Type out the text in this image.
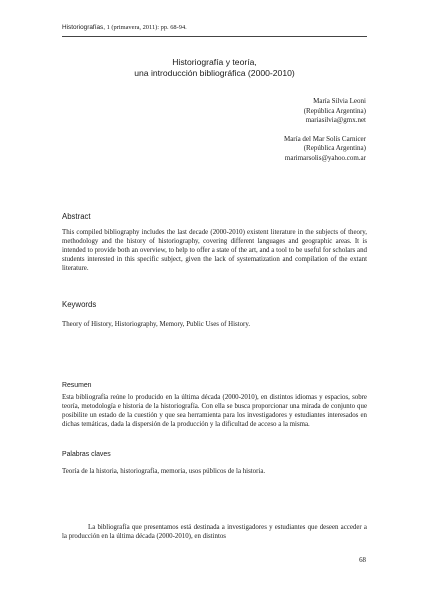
Historiografías, 1 (primavera, 2011): pp. 68-94.
Historiografía y teoría,
una introducción bibliográfica (2000-2010)
María Silvia Leoni
(República Argentina)
mariasilvia@gmx.net
María del Mar Solís Carnicer
(República Argentina)
marimarsolis@yahoo.com.ar
Abstract
This compiled bibliography includes the last decade (2000-2010) existent literature in the subjects of theory, methodology and the history of historiography, covering different languages and geographic areas. It is intended to provide both an overview, to help to offer a state of the art, and a tool to be useful for scholars and students interested in this specific subject, given the lack of systematization and compilation of the extant literature.
Keywords
Theory of History, Historiography, Memory, Public Uses of History.
Resumen
Esta bibliografía reúne lo producido en la última década (2000-2010), en distintos idiomas y espacios, sobre teoría, metodología e historia de la historiografía. Con ella se busca proporcionar una mirada de conjunto que posibilite un estado de la cuestión y que sea herramienta para los investigadores y estudiantes interesados en dichas temáticas, dada la dispersión de la producción y la dificultad de acceso a la misma.
Palabras claves
Teoría de la historia, historiografía, memoria, usos públicos de la historia.
La bibliografía que presentamos está destinada a investigadores y estudiantes que deseen acceder a la producción en la última década (2000-2010), en distintos
68
